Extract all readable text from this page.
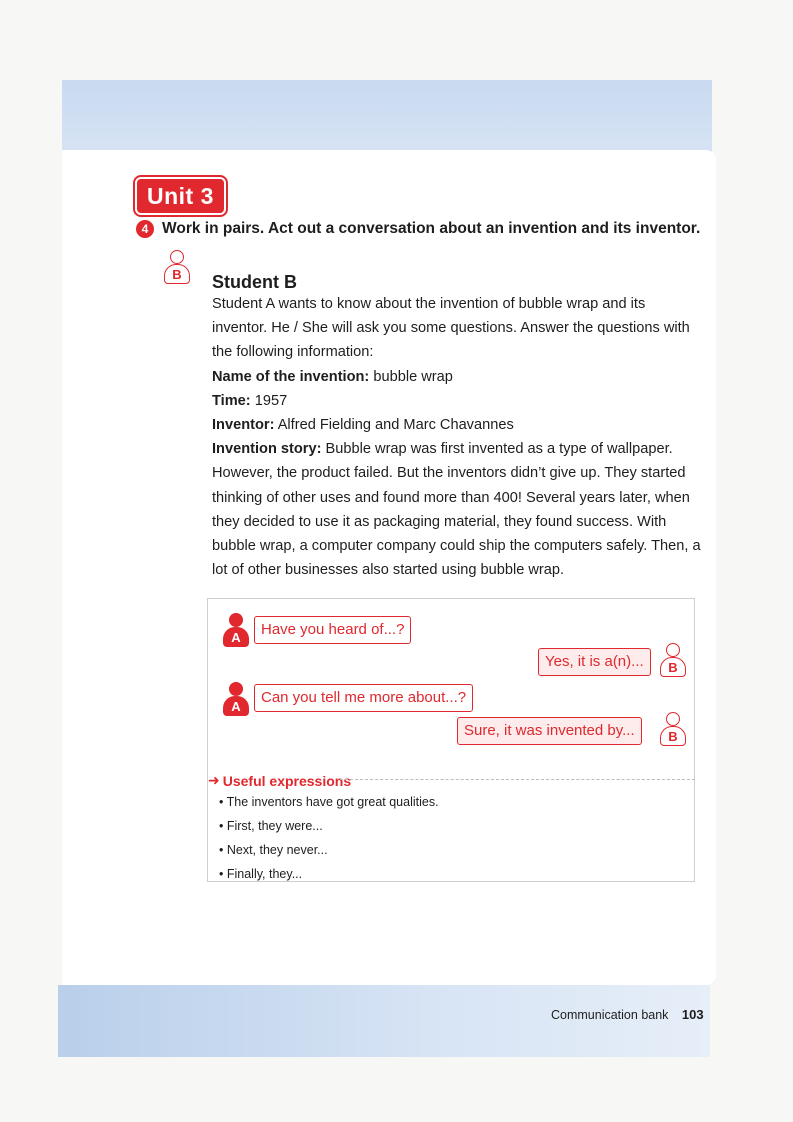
Unit 3
4 Work in pairs. Act out a conversation about an invention and its inventor.
B	Student B

Student A wants to know about the invention of bubble wrap and its inventor. He / She will ask you some questions. Answer the questions with the following information:

Name of the invention: bubble wrap

Time: 1957

Inventor: Alfred Fielding and Marc Chavannes

Invention story: Bubble wrap was first invented as a type of wallpaper. However, the product failed. But the inventors didn’t give up. They started thinking of other uses and found more than 400! Several years later, when they decided to use it as packaging material, they found success. With bubble wrap, a computer company could ship the computers safely. Then, a lot of other businesses also started using bubble wrap.

A	Have you heard of...?
Yes, it is a(n)...	B
A	Can you tell me more about...?
Sure, it was invented by...	B
➜ Useful expressions
• The inventors have got great qualities.
• First, they were...
• Next, they never...
• Finally, they...
Communication bank 103
